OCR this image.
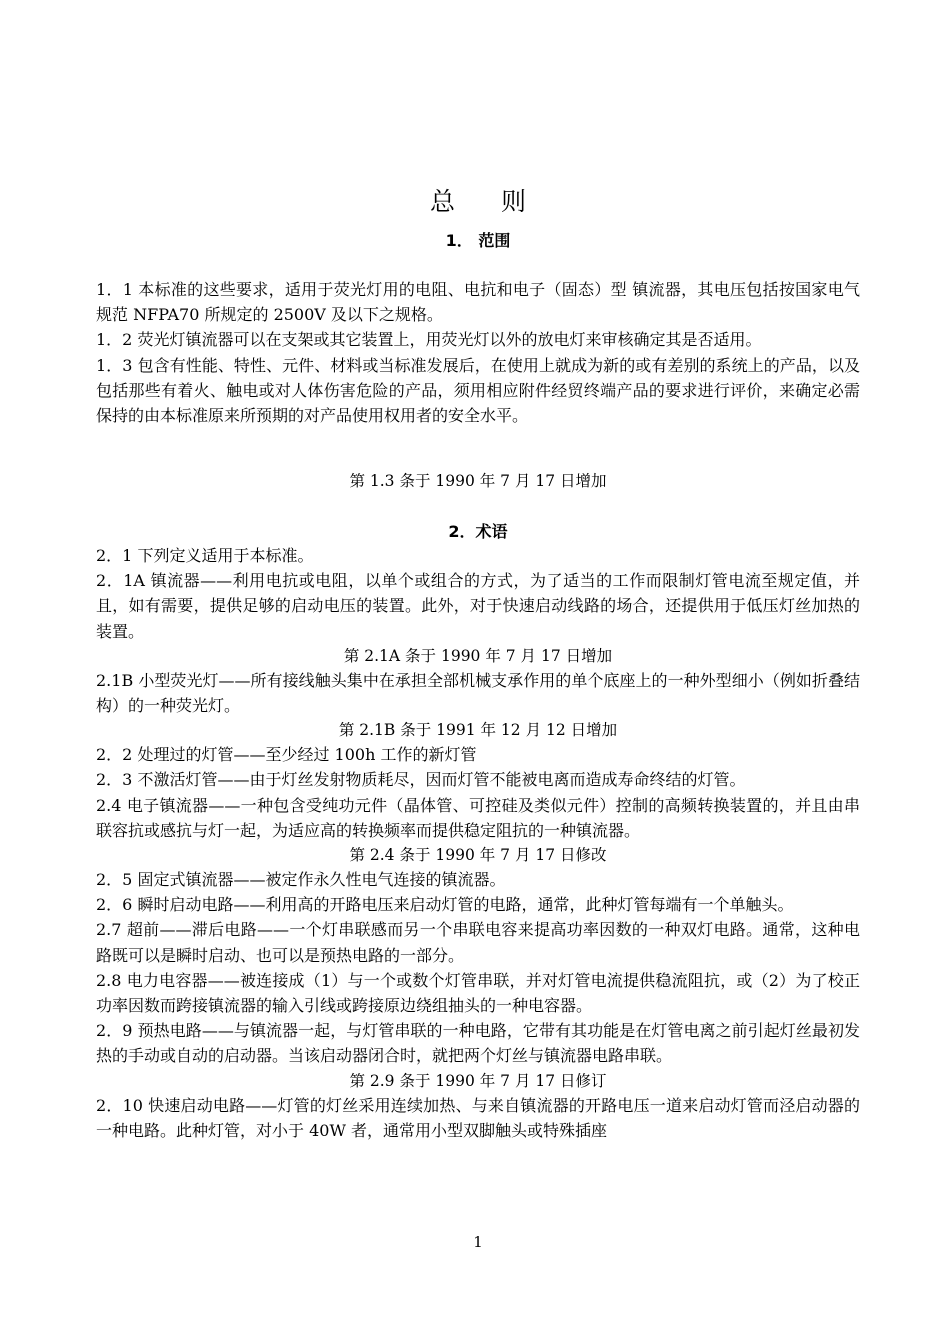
总则
1． 范围

1．1 本标准的这些要求，适用于荧光灯用的电阻、电抗和电子（固态）型 镇流器，其电压包括按国家电气规范 NFPA70 所规定的 2500V 及以下之规格。

1．2 荧光灯镇流器可以在支架或其它装置上，用荧光灯以外的放电灯来审核确定其是否适用。

1．3 包含有性能、特性、元件、材料或当标准发展后，在使用上就成为新的或有差别的系统上的产品，以及包括那些有着火、触电或对人体伤害危险的产品，须用相应附件经贸终端产品的要求进行评价，来确定必需保持的由本标准原来所预期的对产品使用权用者的安全水平。

第 1.3 条于 1990 年 7 月 17 日增加

2．术语

2．1 下列定义适用于本标准。

2．1A 镇流器——利用电抗或电阻，以单个或组合的方式，为了适当的工作而限制灯管电流至规定值，并且，如有需要，提供足够的启动电压的装置。此外，对于快速启动线路的场合，还提供用于低压灯丝加热的装置。

第 2.1A 条于 1990 年 7 月 17 日增加

2.1B 小型荧光灯——所有接线触头集中在承担全部机械支承作用的单个底座上的一种外型细小（例如折叠结构）的一种荧光灯。

第 2.1B 条于 1991 年 12 月 12 日增加

2．2 处理过的灯管——至少经过 100h 工作的新灯管

2．3 不激活灯管——由于灯丝发射物质耗尽，因而灯管不能被电离而造成寿命终结的灯管。

2.4 电子镇流器——一种包含受纯功元件（晶体管、可控硅及类似元件）控制的高频转换装置的，并且由串联容抗或感抗与灯一起，为适应高的转换频率而提供稳定阻抗的一种镇流器。

第 2.4 条于 1990 年 7 月 17 日修改

2．5 固定式镇流器——被定作永久性电气连接的镇流器。

2．6 瞬时启动电路——利用高的开路电压来启动灯管的电路，通常，此种灯管每端有一个单触头。

2.7 超前——滞后电路——一个灯串联感而另一个串联电容来提高功率因数的一种双灯电路。通常，这种电路既可以是瞬时启动、也可以是预热电路的一部分。

2.8 电力电容器——被连接成（1）与一个或数个灯管串联，并对灯管电流提供稳流阻抗，或（2）为了校正功率因数而跨接镇流器的输入引线或跨接原边绕组抽头的一种电容器。

2．9 预热电路——与镇流器一起，与灯管串联的一种电路，它带有其功能是在灯管电离之前引起灯丝最初发热的手动或自动的启动器。当该启动器闭合时，就把两个灯丝与镇流器电路串联。

第 2.9 条于 1990 年 7 月 17 日修订

2．10 快速启动电路——灯管的灯丝采用连续加热、与来自镇流器的开路电压一道来启动灯管而泾启动器的一种电路。此种灯管，对小于 40W 者，通常用小型双脚触头或特殊插座

1
